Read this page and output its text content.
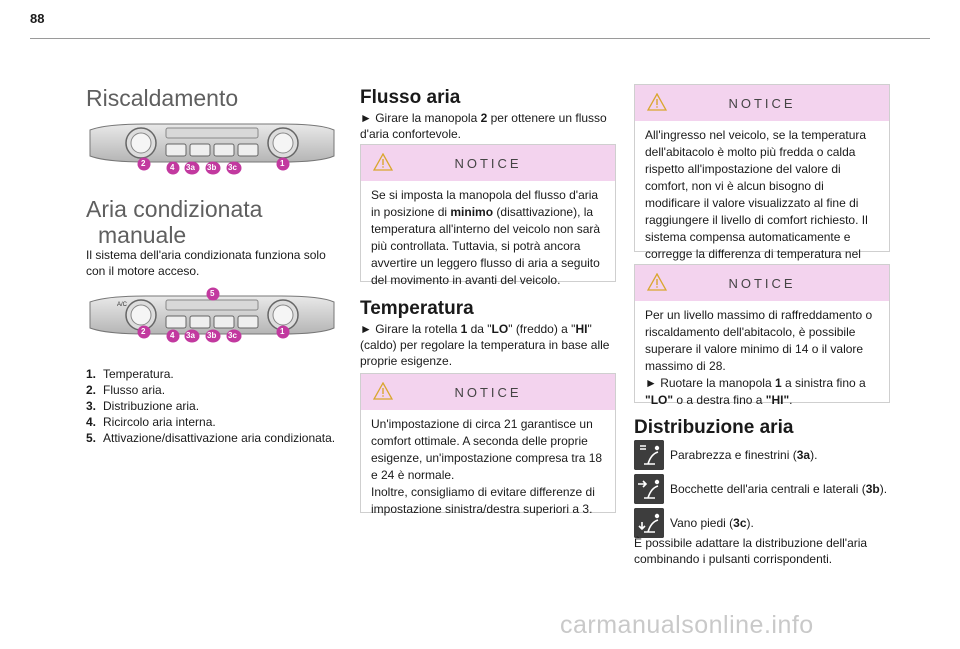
88
Riscaldamento
2	4 3a 3b 3c	1
Aria condizionata
manuale
Il sistema dell'aria condizionata funziona solo con il motore acceso.
A/C
5
2	4 3a 3b 3c	1
1. Temperatura.
2. Flusso aria.
3. Distribuzione aria.
4. Ricircolo aria interna.
5. Attivazione/disattivazione aria condizionata.
Flusso aria
► Girare la manopola 2 per ottenere un flusso d'aria confortevole.
NOTICE
Se si imposta la manopola del flusso d'aria in posizione di minimo (disattivazione), la temperatura all'interno del veicolo non sarà più controllata. Tuttavia, si potrà ancora avvertire un leggero flusso di aria a seguito del movimento in avanti del veicolo.
Temperatura
► Girare la rotella 1 da "LO" (freddo) a "HI" (caldo) per regolare la temperatura in base alle proprie esigenze.
NOTICE
Un'impostazione di circa 21 garantisce un comfort ottimale. A seconda delle proprie esigenze, un'impostazione compresa tra 18 e 24 è normale.
Inoltre, consigliamo di evitare differenze di impostazione sinistra/destra superiori a 3.
NOTICE
All'ingresso nel veicolo, se la temperatura dell'abitacolo è molto più fredda o calda rispetto all'impostazione del valore di comfort, non vi è alcun bisogno di modificare il valore visualizzato al fine di raggiungere il livello di comfort richiesto. Il sistema compensa automaticamente e corregge la differenza di temperatura nel
NOTICE
Per un livello massimo di raffreddamento o riscaldamento dell'abitacolo, è possibile superare il valore minimo di 14 o il valore massimo di 28.
► Ruotare la manopola 1 a sinistra fino a "LO" o a destra fino a "HI".
Distribuzione aria
Parabrezza e finestrini (3a).
Bocchette dell'aria centrali e laterali (3b).
Vano piedi (3c).
È possibile adattare la distribuzione dell'aria combinando i pulsanti corrispondenti.
carmanualsonline.info
